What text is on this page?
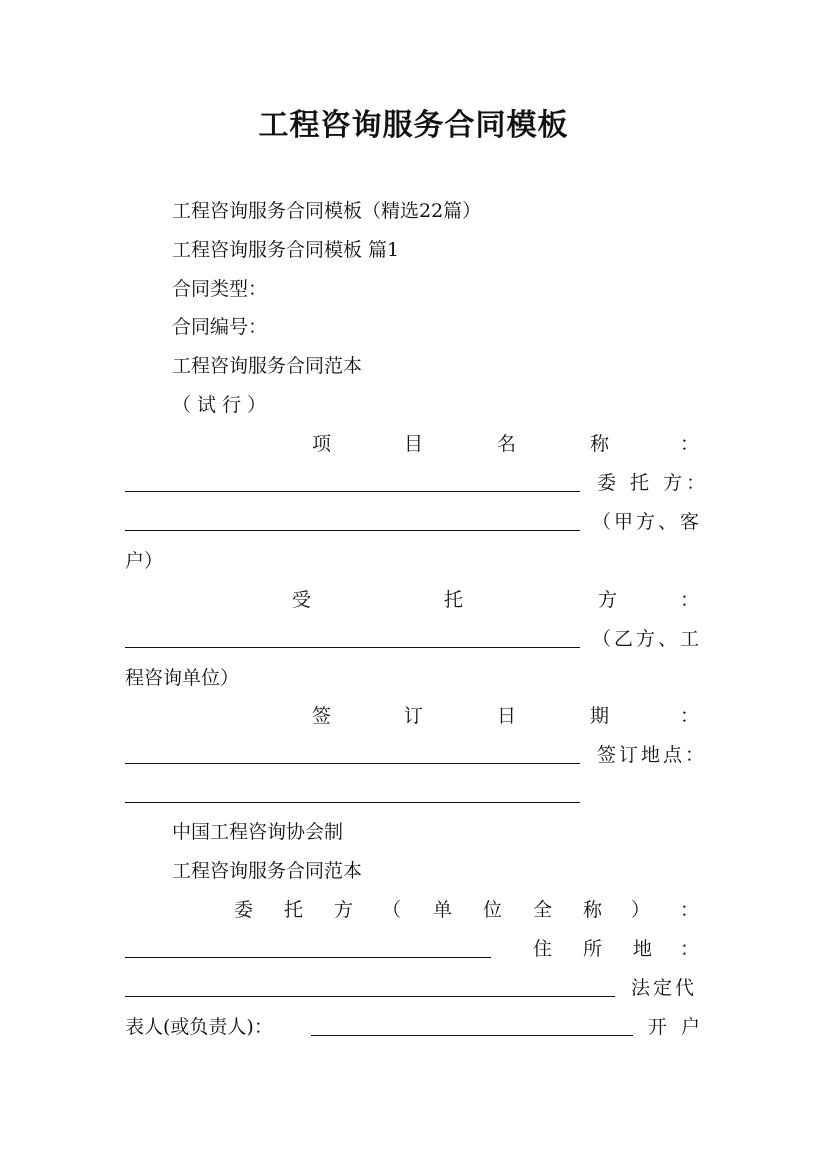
工程咨询服务合同模板
工程咨询服务合同模板（精选22篇）
工程咨询服务合同模板 篇1
合同类型：
合同编号：
工程咨询服务合同范本
（ 试 行 ）
项	目	名	称	：
委 托 方：
（甲方、客
户）
受	托	方	：
（乙方、工
程咨询单位）
签	订	日	期	：
签订地点：
中国工程咨询协会制
工程咨询服务合同范本
委 托 方 （ 单 位 全 称 ） ：
住 所 地 ：
法定代
表人(或负责人)：	开 户
